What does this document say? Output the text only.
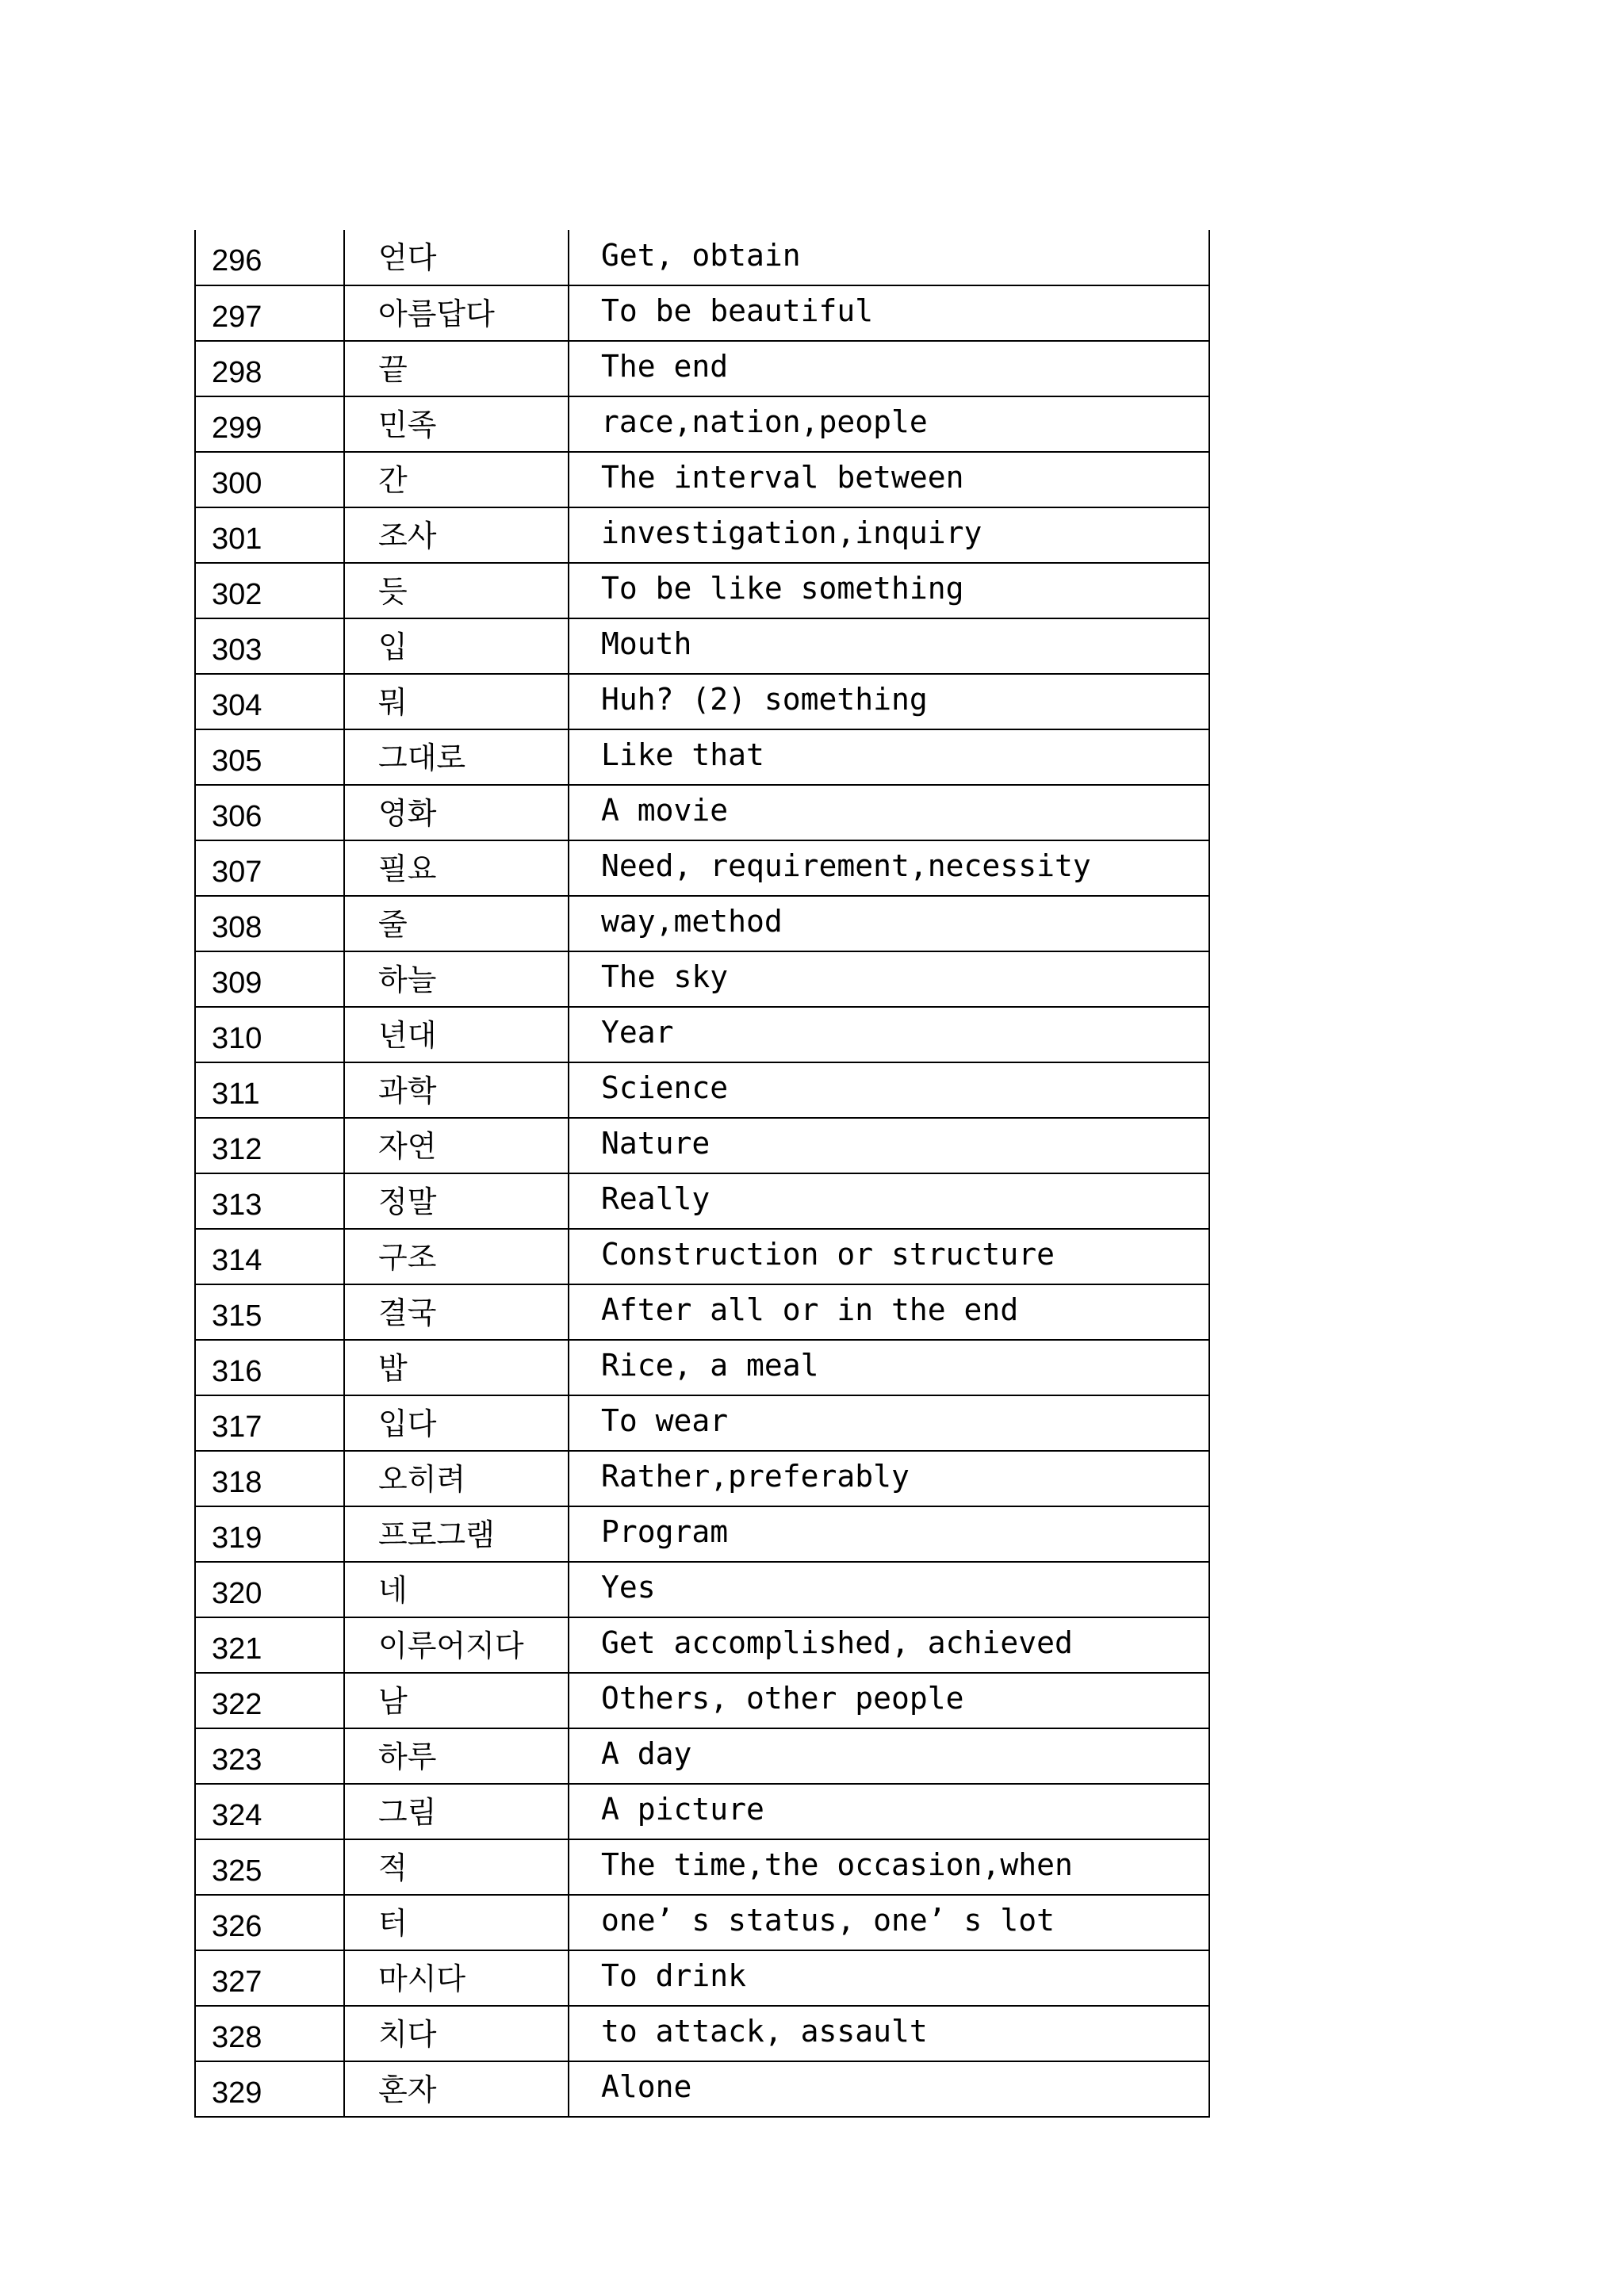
296	얻다	Get, obtain
297	아름답다	To be beautiful
298	끝	The end
299	민족	race,nation,people
300	간	The interval between
301	조사	investigation,inquiry
302	듯	To be like something
303	입	Mouth
304	뭐	Huh? (2) something
305	그대로	Like that
306	영화	A movie
307	필요	Need, requirement,necessity
308	줄	way,method
309	하늘	The sky
310	년대	Year
311	과학	Science
312	자연	Nature
313	정말	Really
314	구조	Construction or structure
315	결국	After all or in the end
316	밥	Rice, a meal
317	입다	To wear
318	오히려	Rather,preferably
319	프로그램	Program
320	네	Yes
321	이루어지다	Get accomplished, achieved
322	남	Others, other people
323	하루	A day
324	그림	A picture
325	적	The time,the occasion,when
326	터	one’ s status, one’ s lot
327	마시다	To drink
328	치다	to attack, assault
329	혼자	Alone
